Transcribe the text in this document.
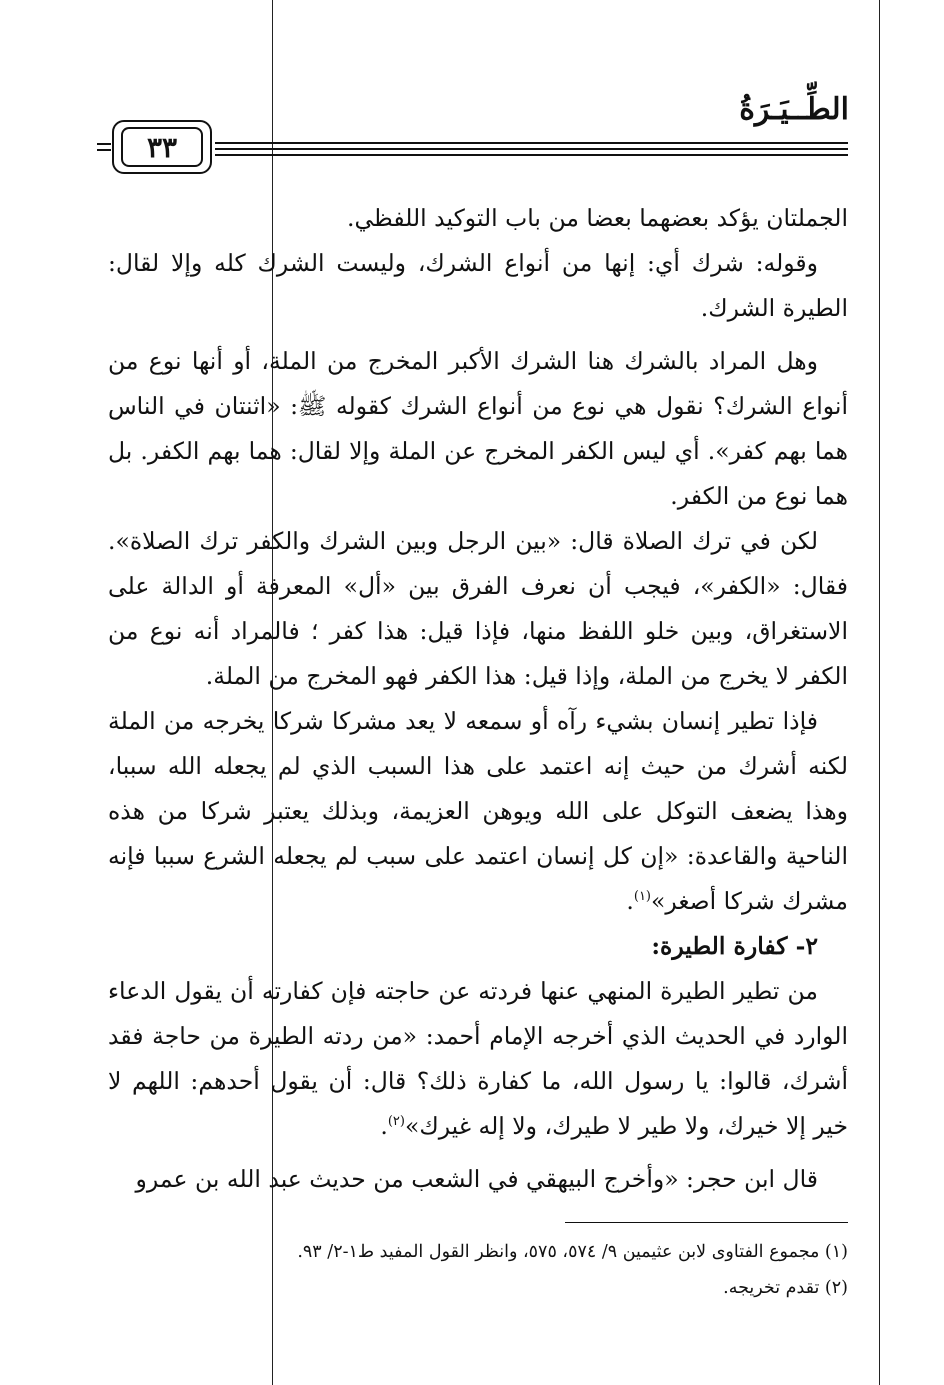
الطِّــيَـرَةُ
٣٣

الجملتان يؤكد بعضهما بعضا من باب التوكيد اللفظي.

وقوله: شرك أي: إنها من أنواع الشرك، وليست الشرك كله وإلا لقال: الطيرة الشرك.

وهل المراد بالشرك هنا الشرك الأكبر المخرج من الملة، أو أنها نوع من أنواع الشرك؟ نقول هي نوع من أنواع الشرك كقوله ﷺ: «اثنتان في الناس هما بهم كفر». أي ليس الكفر المخرج عن الملة وإلا لقال: هما بهم الكفر. بل هما نوع من الكفر.

لكن في ترك الصلاة قال: «بين الرجل وبين الشرك والكفر ترك الصلاة». فقال: «الكفر»، فيجب أن نعرف الفرق بين «أل» المعرفة أو الدالة على الاستغراق، وبين خلو اللفظ منها، فإذا قيل: هذا كفر ؛ فالمراد أنه نوع من الكفر لا يخرج من الملة، وإذا قيل: هذا الكفر فهو المخرج من الملة.

فإذا تطير إنسان بشيء رآه أو سمعه لا يعد مشركا شركا يخرجه من الملة لكنه أشرك من حيث إنه اعتمد على هذا السبب الذي لم يجعله الله سببا، وهذا يضعف التوكل على الله ويوهن العزيمة، وبذلك يعتبر شركا من هذه الناحية والقاعدة: «إن كل إنسان اعتمد على سبب لم يجعله الشرع سببا فإنه مشرك شركا أصغر»$^{(١)}$.

٢- كفارة الطيرة:

من تطير الطيرة المنهي عنها فردته عن حاجته فإن كفارته أن يقول الدعاء الوارد في الحديث الذي أخرجه الإمام أحمد: «من ردته الطيرة من حاجة فقد أشرك، قالوا: يا رسول الله، ما كفارة ذلك؟ قال: أن يقول أحدهم: اللهم لا خير إلا خيرك، ولا طير لا طيرك، ولا إله غيرك»$^{(٢)}$.

قال ابن حجر: «وأخرج البيهقي في الشعب من حديث عبد الله بن عمرو

(١) مجموع الفتاوى لابن عثيمين ٩/ ٥٧٤، ٥٧٥، وانظر القول المفيد ط١-٢/ ٩٣.

(٢) تقدم تخريجه.
